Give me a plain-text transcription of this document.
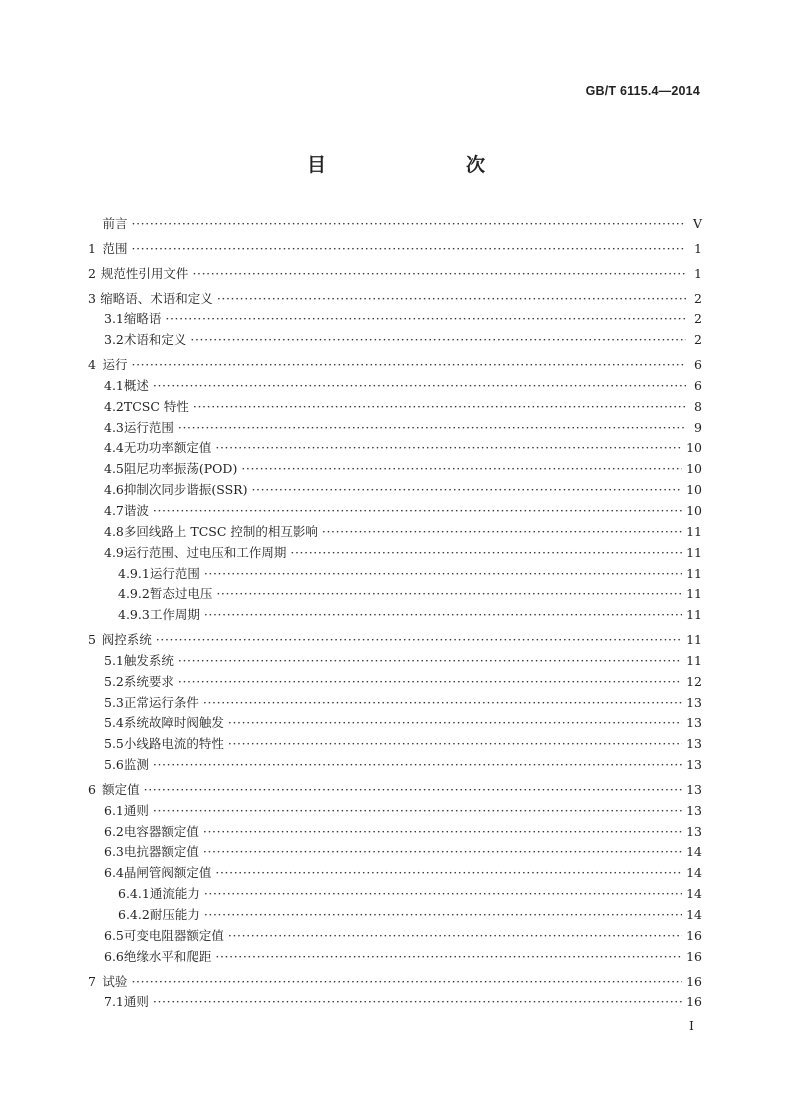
GB/T 6115.4—2014
目　　次
前言 ·····	V
1 范围 ·····	1
2 规范性引用文件 ·····	1
3 缩略语、术语和定义 ·····	2
3.1 缩略语 ·····	2
3.2 术语和定义 ·····	2
4 运行 ·····	6
4.1 概述 ·····	6
4.2 TCSC 特性 ·····	8
4.3 运行范围 ·····	9
4.4 无功功率额定值 ·····	10
4.5 阻尼功率振荡(POD) ·····	10
4.6 抑制次同步谐振(SSR) ·····	10
4.7 谐波 ·····	10
4.8 多回线路上 TCSC 控制的相互影响 ·····	11
4.9 运行范围、过电压和工作周期 ·····	11
4.9.1 运行范围 ·····	11
4.9.2 暂态过电压 ·····	11
4.9.3 工作周期 ·····	11
5 阀控系统 ·····	11
5.1 触发系统 ·····	11
5.2 系统要求 ·····	12
5.3 正常运行条件 ·····	13
5.4 系统故障时阀触发 ·····	13
5.5 小线路电流的特性 ·····	13
5.6 监测 ·····	13
6 额定值 ·····	13
6.1 通则 ·····	13
6.2 电容器额定值 ·····	13
6.3 电抗器额定值 ·····	14
6.4 晶闸管阀额定值 ·····	14
6.4.1 通流能力 ·····	14
6.4.2 耐压能力 ·····	14
6.5 可变电阻器额定值 ·····	16
6.6 绝缘水平和爬距 ·····	16
7 试验 ·····	16
7.1 通则 ·····	16
I
